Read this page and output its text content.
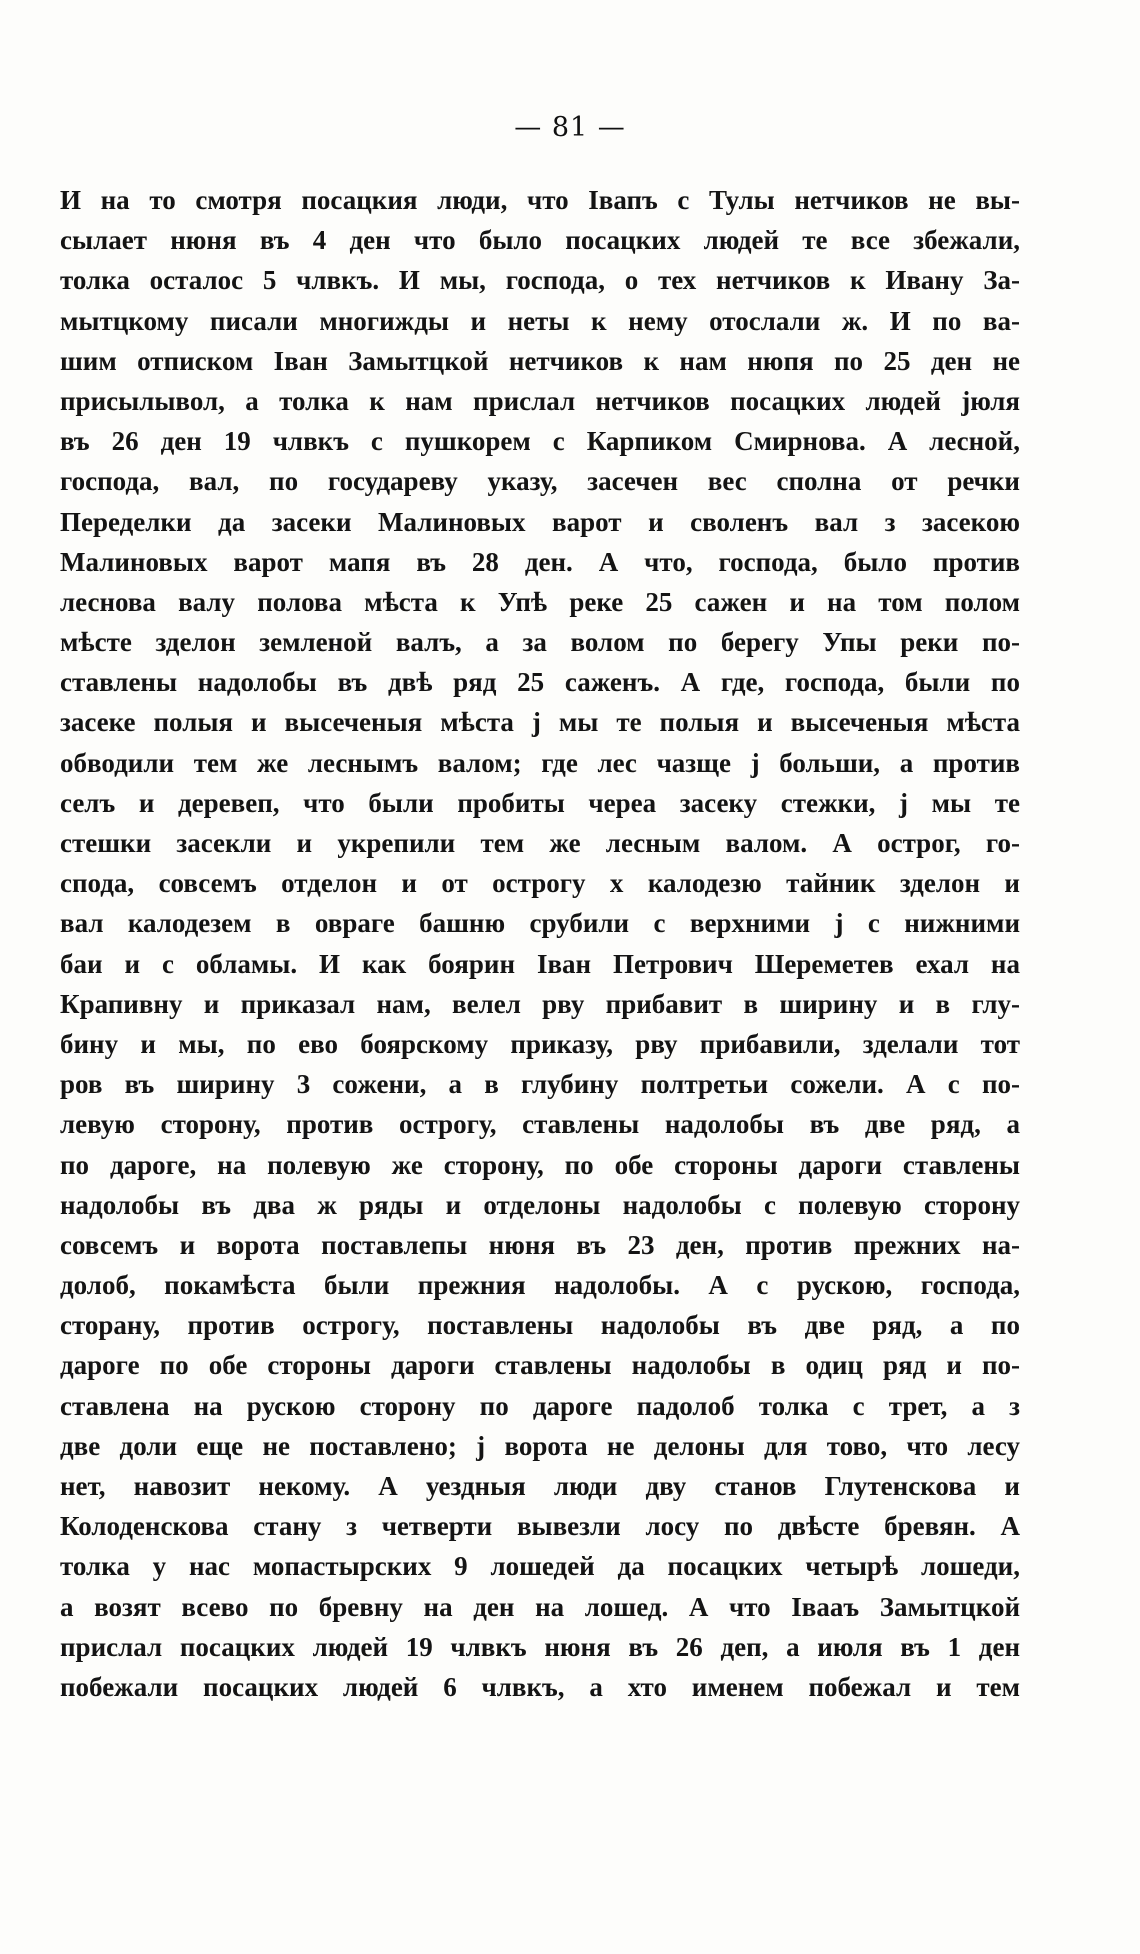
— 81 —
И на то смотря посацкия люди, что Івапъ с Тулы нетчиков не вы-
сылает нюня въ 4 ден что было посацких людей те все збежали,
толка осталос 5 члвкъ. И мы, господа, о тех нетчиков к Ивану За-
мытцкому писали многижды и неты к нему отослали ж. И по ва-
шим отписком Іван Замытцкой нетчиков к нам нюпя по 25 ден не
присылывол, а толка к нам прислал нетчиков посацких людей јюля
въ 26 ден 19 члвкъ с пушкорем с Карпиком Смирнова. А лесной,
господа, вал, по государеву указу, засечен вес сполна от речки
Переделки да засеки Малиновых варот и своленъ вал з засекою
Малиновых варот мапя въ 28 ден. А что, господа, было против
леснова валу полова мѣста к Упѣ реке 25 сажен и на том полом
мѣсте зделон земленой валъ, а за волом по берегу Упы реки по-
ставлены надолобы въ двѣ ряд 25 саженъ. А где, господа, были по
засеке полыя и высеченыя мѣста ј мы те полыя и высеченыя мѣста
обводили тем же леснымъ валом; где лес чазще ј больши, а против
селъ и деревеп, что были пробиты череа засеку стежки, ј мы те
стешки засекли и укрепили тем же лесным валом. А острог, го-
спода, совсемъ отделон и от острогу х калодезю тайник зделон и
вал калодезем в овраге башню срубили с верхними ј с нижними
баи и с обламы. И как боярин Іван Петрович Шереметев ехал на
Крапивну и приказал нам, велел рву прибавит в ширину и в глу-
бину и мы, по ево боярскому приказу, рву прибавили, зделали тот
ров въ ширину 3 сожени, а в глубину полтретьи сожели. А с по-
левую сторону, против острогу, ставлены надолобы въ две ряд, а
по дароге, на полевую же сторону, по обе стороны дароги ставлены
надолобы въ два ж ряды и отделоны надолобы с полевую сторону
совсемъ и ворота поставлепы нюня въ 23 ден, против прежних на-
долоб, покамѣста были прежния надолобы. А с рускою, господа,
сторану, против острогу, поставлены надолобы въ две ряд, а по
дароге по обе стороны дароги ставлены надолобы в одиц ряд и по-
ставлена на рускою сторону по дароге падолоб толка с трет, а з
две доли еще не поставлено; ј ворота не делоны для тово, что лесу
нет, навозит некому. А уездныя люди дву станов Глутенскова и
Колоденскова стану з четверти вывезли лосу по двѣсте бревян. А
толка у нас мопастырских 9 лошедей да посацких четырѣ лошеди,
а возят всево по бревну на ден на лошед. А что Івааъ Замытцкой
прислал посацких людей 19 члвкъ нюня въ 26 деп, а июля въ 1 ден
побежали посацких людей 6 члвкъ, а хто именем побежал и тем
